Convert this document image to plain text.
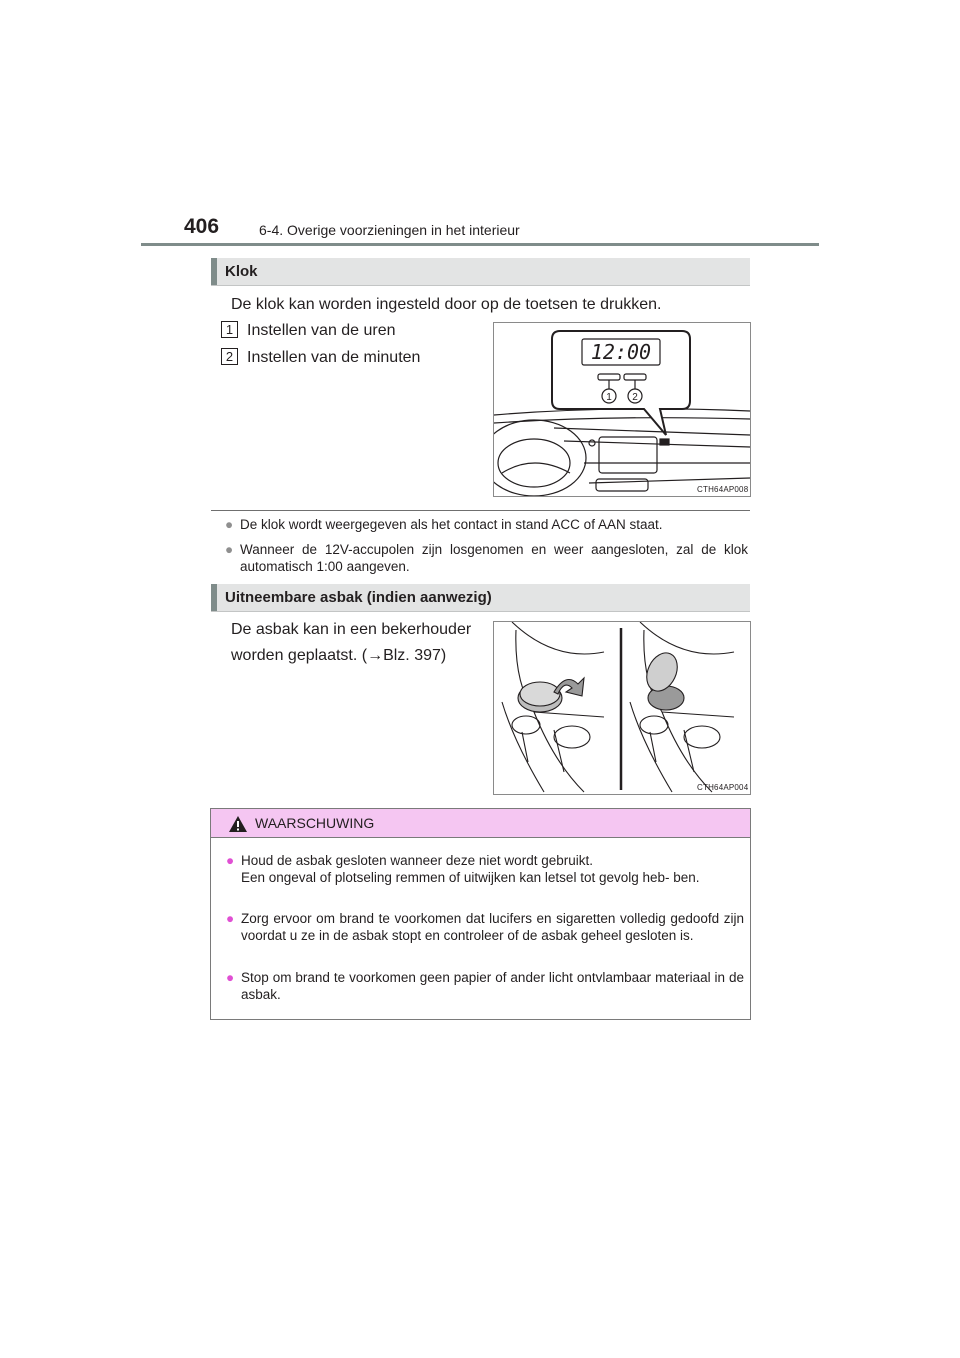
406	6-4. Overige voorzieningen in het interieur
Klok
De klok kan worden ingesteld door op de toetsen te drukken.
1 Instellen van de uren
2 Instellen van de minuten	12:00
1 2
CTH64AP008
● De klok wordt weergegeven als het contact in stand ACC of AAN staat.
● Wanneer de 12V-accupolen zijn losgenomen en weer aangesloten, zal de klok automatisch 1:00 aangeven.
Uitneembare asbak (indien aanwezig)
De asbak kan in een bekerhouder
worden geplaatst. (→Blz. 397)
CTH64AP004
WAARSCHUWING
● Houd de asbak gesloten wanneer deze niet wordt gebruikt.
Een ongeval of plotseling remmen of uitwijken kan letsel tot gevolg heb- ben.
● Zorg ervoor om brand te voorkomen dat lucifers en sigaretten volledig gedoofd zijn voordat u ze in de asbak stopt en controleer of de asbak geheel gesloten is.
● Stop om brand te voorkomen geen papier of ander licht ontvlambaar materiaal in de asbak.
